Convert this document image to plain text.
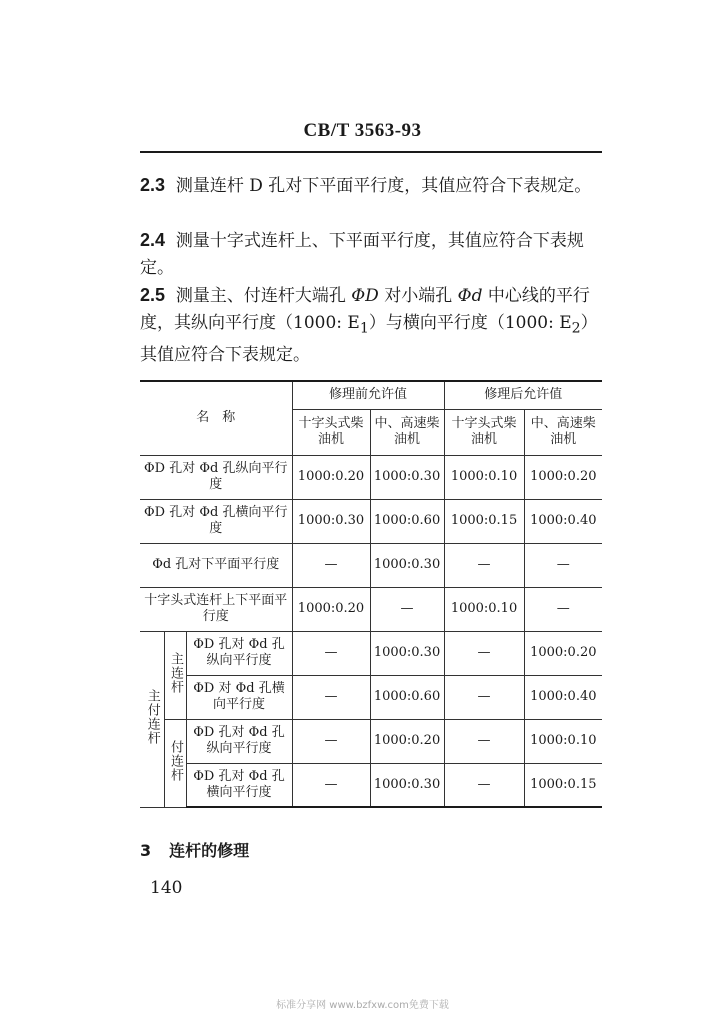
CB/T 3563-93
2.3 测量连杆 D 孔对下平面平行度，其值应符合下表规定。
2.4 测量十字式连杆上、下平面平行度，其值应符合下表规定。
2.5 测量主、付连杆大端孔 ΦD 对小端孔 Φd 中心线的平行度，其纵向平行度（1000: $E_1$）与横向平行度（1000: $E_2$）其值应符合下表规定。
名　称			修理前允许值		修理后允许值	
			十字头式柴油机	中、高速柴油机	十字头式柴油机	中、高速柴油机
ΦD 孔对 Φd 孔纵向平行度			1000:0.20	1000:0.30	1000:0.10	1000:0.20
ΦD 孔对 Φd 孔横向平行度			1000:0.30	1000:0.60	1000:0.15	1000:0.40
Φd 孔对下平面平行度			—	1000:0.30	—	—
十字头式连杆上下平面平行度			1000:0.20	—	1000:0.10	—
主付连杆	主连杆	ΦD 孔对 Φd 孔纵向平行度	—	1000:0.30	—	1000:0.20
		ΦD 对 Φd 孔横向平行度	—	1000:0.60	—	1000:0.40
	付连杆	ΦD 孔对 Φd 孔纵向平行度	—	1000:0.20	—	1000:0.10
		ΦD 孔对 Φd 孔横向平行度	—	1000:0.30	—	1000:0.15
3 连杆的修理
140
标准分享网 www.bzfxw.com免费下载
